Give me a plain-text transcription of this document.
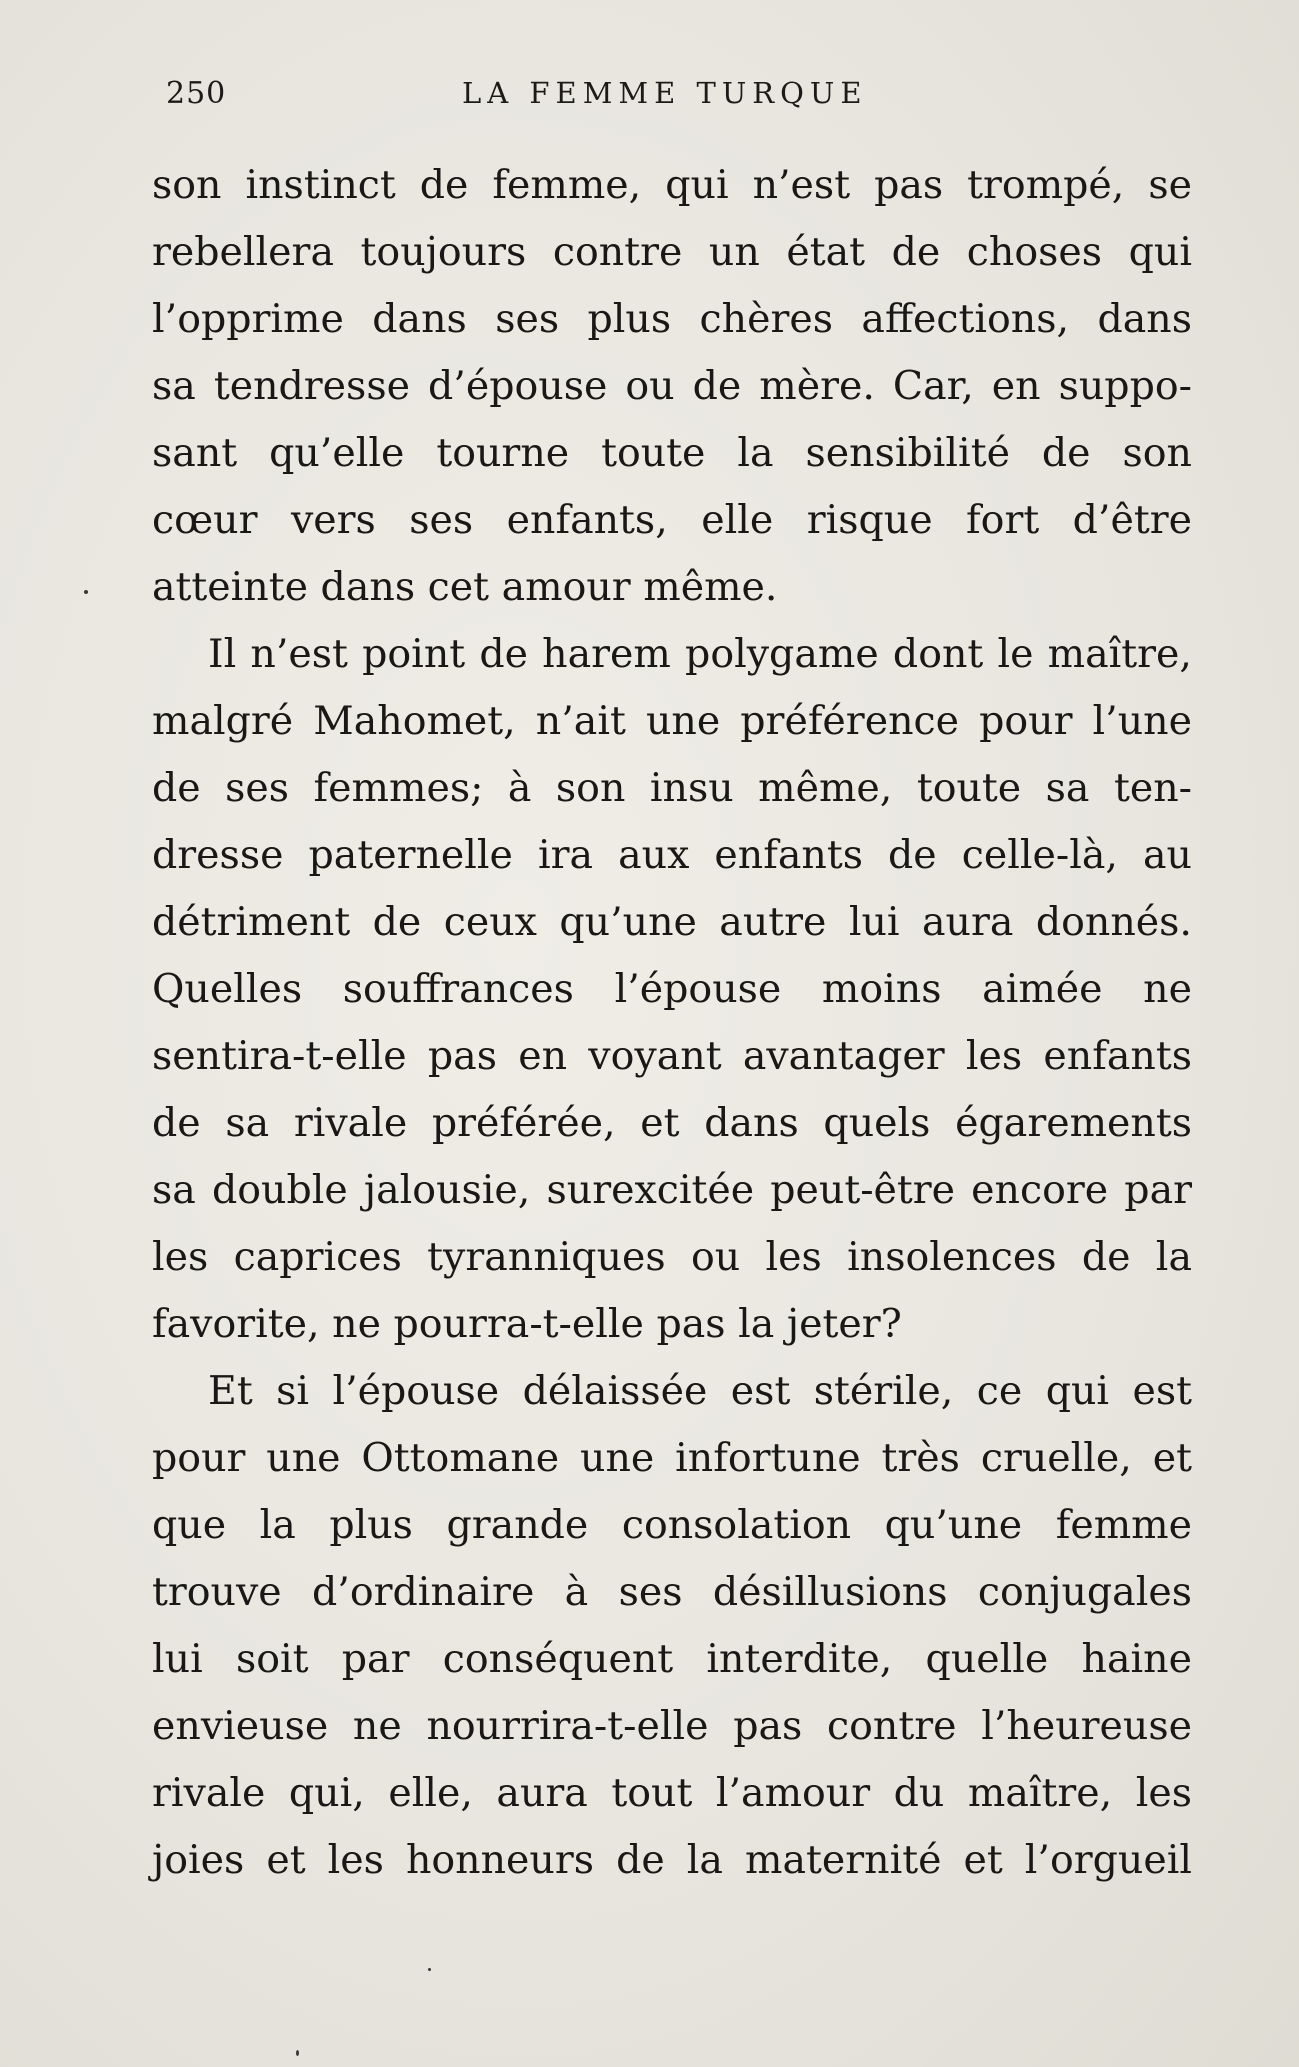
250	LA FEMME TURQUE
son instinct de femme, qui n’est pas trompé, se
rebellera toujours contre un état de choses qui
l’opprime dans ses plus chères affections, dans
sa tendresse d’épouse ou de mère. Car, en suppo-
sant qu’elle tourne toute la sensibilité de son
cœur vers ses enfants, elle risque fort d’être
atteinte dans cet amour même.
Il n’est point de harem polygame dont le maître,
malgré Mahomet, n’ait une préférence pour l’une
de ses femmes; à son insu même, toute sa ten-
dresse paternelle ira aux enfants de celle-là, au
détriment de ceux qu’une autre lui aura donnés.
Quelles souffrances l’épouse moins aimée ne
sentira-t-elle pas en voyant avantager les enfants
de sa rivale préférée, et dans quels égarements
sa double jalousie, surexcitée peut-être encore par
les caprices tyranniques ou les insolences de la
favorite, ne pourra-t-elle pas la jeter?
Et si l’épouse délaissée est stérile, ce qui est
pour une Ottomane une infortune très cruelle, et
que la plus grande consolation qu’une femme
trouve d’ordinaire à ses désillusions conjugales
lui soit par conséquent interdite, quelle haine
envieuse ne nourrira-t-elle pas contre l’heureuse
rivale qui, elle, aura tout l’amour du maître, les
joies et les honneurs de la maternité et l’orgueil
